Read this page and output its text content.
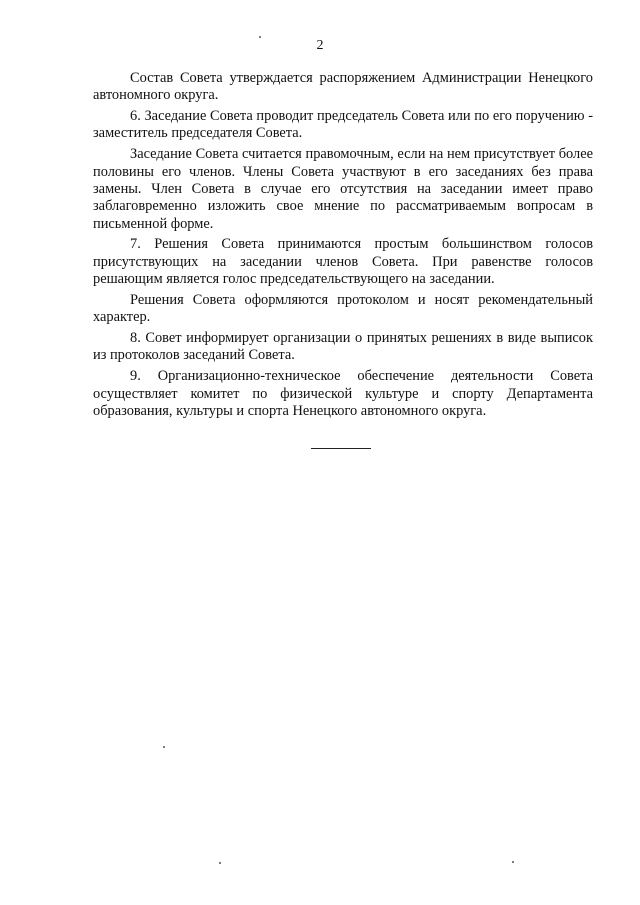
2

Состав Совета утверждается распоряжением Администрации Ненецкого автономного округа.

6. Заседание Совета проводит председатель Совета или по его поручению - заместитель председателя Совета.

Заседание Совета считается правомочным, если на нем присутствует более половины его членов. Члены Совета участвуют в его заседаниях без права замены. Член Совета в случае его отсутствия на заседании имеет право заблаговременно изложить свое мнение по рассматриваемым вопросам в письменной форме.

7. Решения Совета принимаются простым большинством голосов присутствующих на заседании членов Совета. При равенстве голосов решающим является голос председательствующего на заседании.

Решения Совета оформляются протоколом и носят рекомендательный характер.

8. Совет информирует организации о принятых решениях в виде выписок из протоколов заседаний Совета.

9. Организационно-техническое обеспечение деятельности Совета осуществляет комитет по физической культуре и спорту Департамента образования, культуры и спорта Ненецкого автономного округа.
